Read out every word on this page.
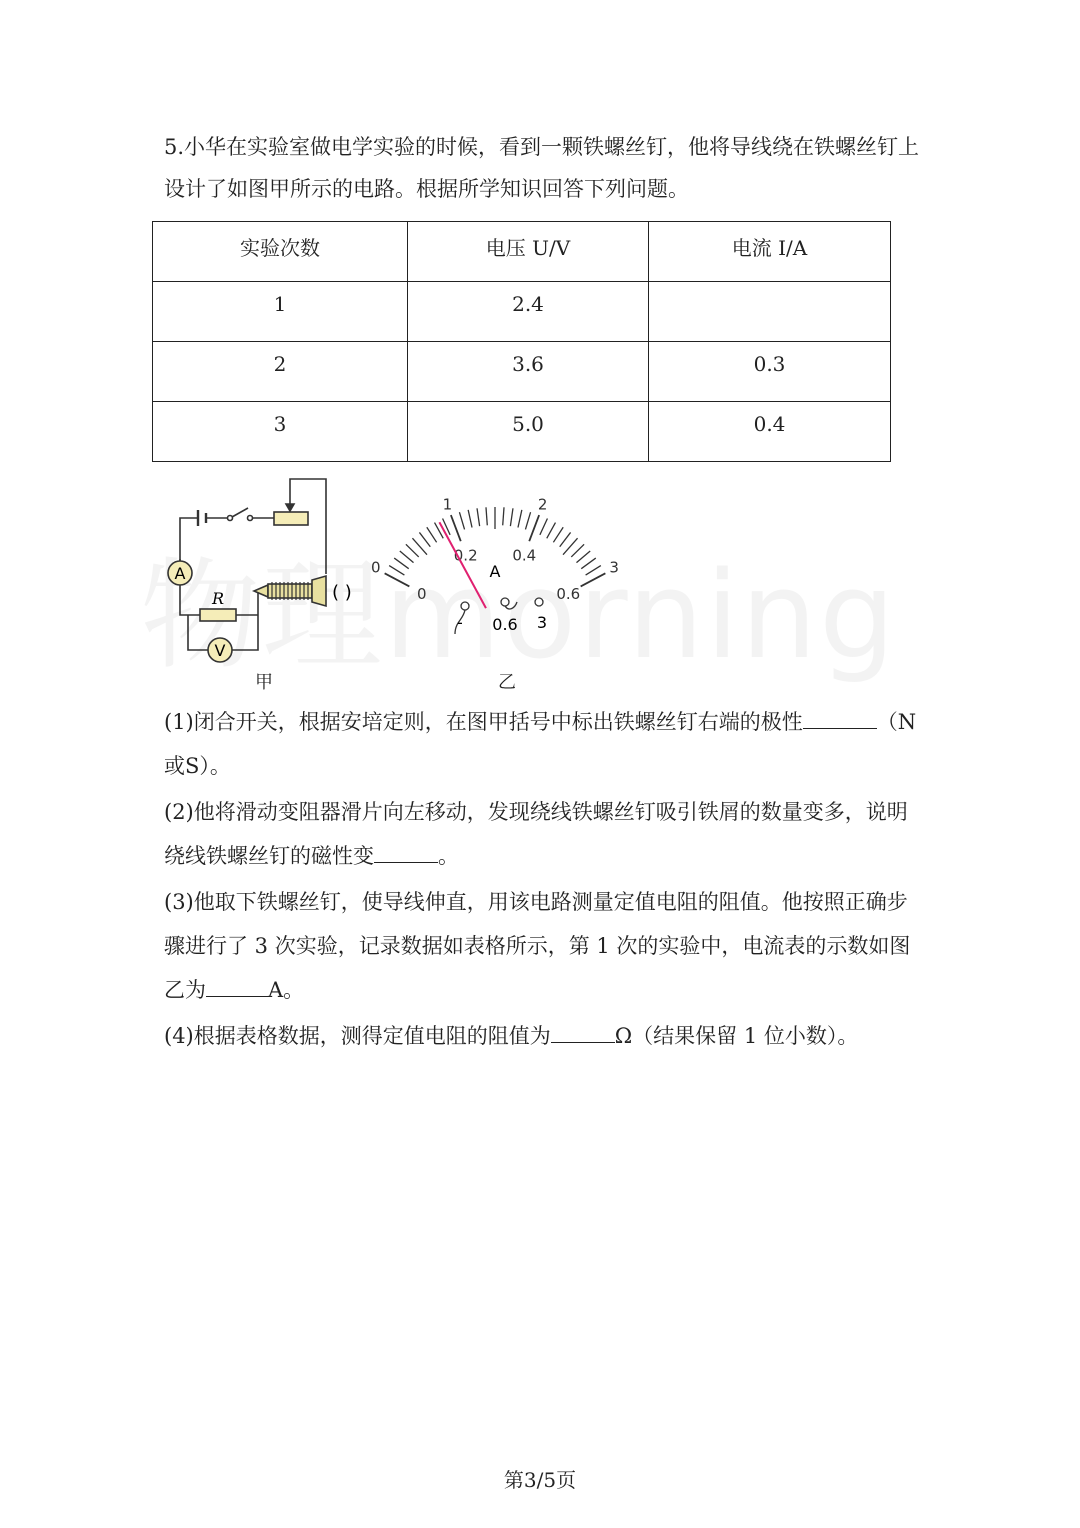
5.小华在实验室做电学实验的时候，看到一颗铁螺丝钉，他将导线绕在铁螺丝钉上设计了如图甲所示的电路。根据所学知识回答下列问题。
实验次数	电压 U/V	电流 I/A
1	2.4	
2	3.6	0.3
3	5.0	0.4
A
V
R	( )
甲
0
1	2
3
0
0.2 0.4
0.6
A
- 0.6 3
乙
(1)闭合开关，根据安培定则，在图甲括号中标出铁螺丝钉右端的极性	（N或S）。
(2)他将滑动变阻器滑片向左移动，发现绕线铁螺丝钉吸引铁屑的数量变多，说明绕线铁螺丝钉的磁性变	。
(3)他取下铁螺丝钉，使导线伸直，用该电路测量定值电阻的阻值。他按照正确步骤进行了 3 次实验，记录数据如表格所示，第 1 次的实验中，电流表的示数如图乙为	A。
(4)根据表格数据，测得定值电阻的阻值为	Ω（结果保留 1 位小数）。
第3/5页
